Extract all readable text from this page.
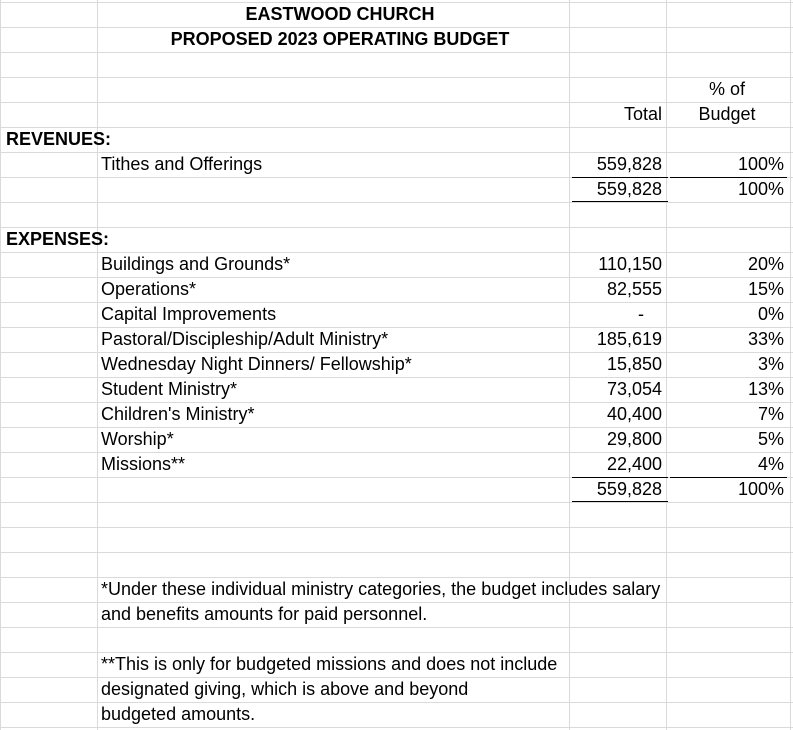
EASTWOOD CHURCH
PROPOSED 2023 OPERATING BUDGET
% of
Total	Budget
REVENUES:
Tithes and Offerings	559,828	100%
559,828	100%
EXPENSES:
Buildings and Grounds*	110,150	20%
Operations*	82,555	15%
Capital Improvements	-	0%
Pastoral/Discipleship/Adult Ministry*	185,619	33%
Wednesday Night Dinners/ Fellowship*	15,850	3%
Student Ministry*	73,054	13%
Children's Ministry*	40,400	7%
Worship*	29,800	5%
Missions**	22,400	4%
559,828	100%
*Under these individual ministry categories, the budget includes salary
and benefits amounts for paid personnel.
**This is only for budgeted missions and does not include
designated giving, which is above and beyond
budgeted amounts.
